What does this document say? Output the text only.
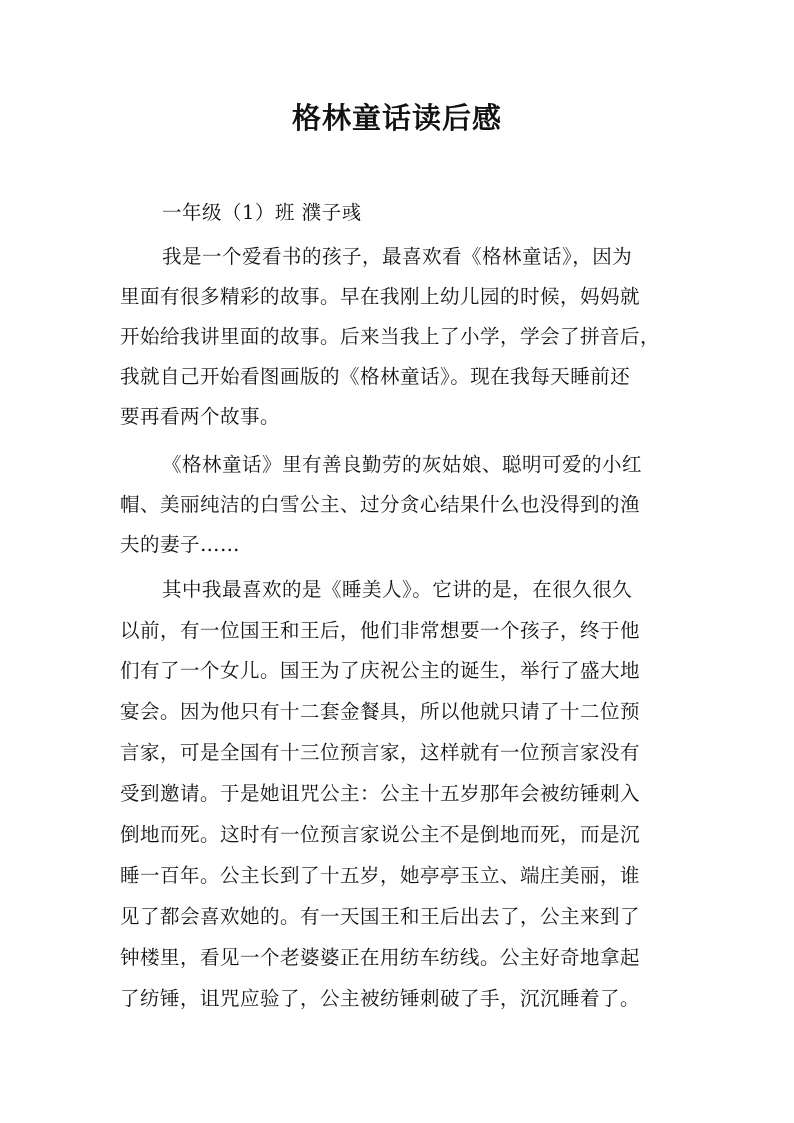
格林童话读后感
一年级（1）班 濮子彧
我是一个爱看书的孩子，最喜欢看《格林童话》，因为
里面有很多精彩的故事。早在我刚上幼儿园的时候，妈妈就
开始给我讲里面的故事。后来当我上了小学，学会了拼音后，
我就自己开始看图画版的《格林童话》。现在我每天睡前还
要再看两个故事。
《格林童话》里有善良勤劳的灰姑娘、聪明可爱的小红
帽、美丽纯洁的白雪公主、过分贪心结果什么也没得到的渔
夫的妻子……
其中我最喜欢的是《睡美人》。它讲的是，在很久很久
以前，有一位国王和王后，他们非常想要一个孩子，终于他
们有了一个女儿。国王为了庆祝公主的诞生，举行了盛大地
宴会。因为他只有十二套金餐具，所以他就只请了十二位预
言家，可是全国有十三位预言家，这样就有一位预言家没有
受到邀请。于是她诅咒公主：公主十五岁那年会被纺锤刺入
倒地而死。这时有一位预言家说公主不是倒地而死，而是沉
睡一百年。公主长到了十五岁，她亭亭玉立、端庄美丽，谁
见了都会喜欢她的。有一天国王和王后出去了，公主来到了
钟楼里，看见一个老婆婆正在用纺车纺线。公主好奇地拿起
了纺锤，诅咒应验了，公主被纺锤刺破了手，沉沉睡着了。
